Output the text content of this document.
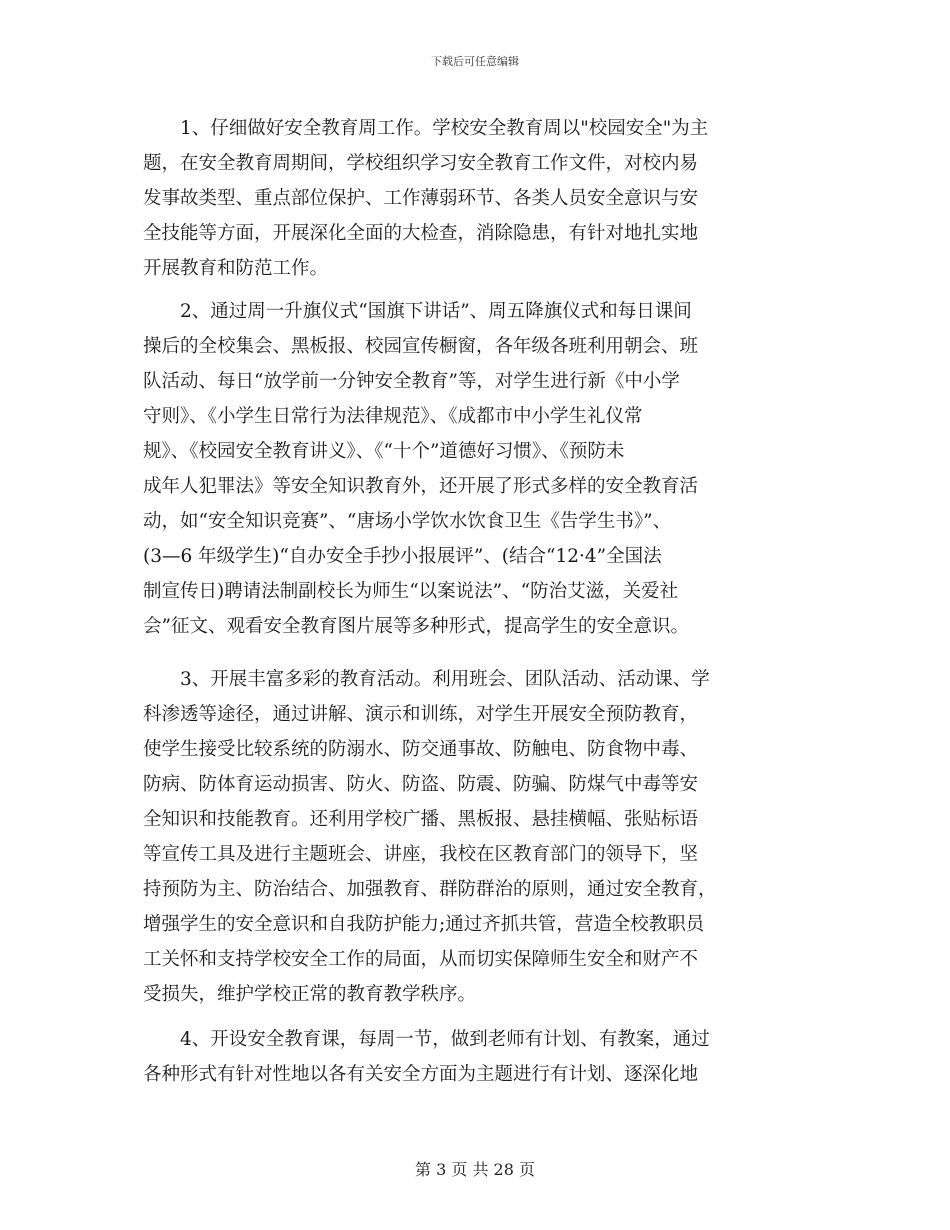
下载后可任意编辑
　　1、仔细做好安全教育周工作。学校安全教育周以"校园安全"为主
题，在安全教育周期间，学校组织学习安全教育工作文件，对校内易
发事故类型、重点部位保护、工作薄弱环节、各类人员安全意识与安
全技能等方面，开展深化全面的大检查，消除隐患，有针对地扎实地
开展教育和防范工作。
　　2、通过周一升旗仪式“国旗下讲话”、周五降旗仪式和每日课间
操后的全校集会、黑板报、校园宣传橱窗，各年级各班利用朝会、班
队活动、每日“放学前一分钟安全教育”等，对学生进行新《中小学
守则》、《小学生日常行为法律规范》、《成都市中小学生礼仪常
规》、《校园安全教育讲义》、《“十个”道德好习惯》、《预防未
成年人犯罪法》等安全知识教育外，还开展了形式多样的安全教育活
动，如“安全知识竞赛”、“唐场小学饮水饮食卫生《告学生书》”、
(3—6 年级学生)“自办安全手抄小报展评”、(结合“12·4”全国法
制宣传日)聘请法制副校长为师生“以案说法”、“防治艾滋，关爱社
会”征文、观看安全教育图片展等多种形式，提高学生的安全意识。
　　3、开展丰富多彩的教育活动。利用班会、团队活动、活动课、学
科渗透等途径，通过讲解、演示和训练，对学生开展安全预防教育，
使学生接受比较系统的防溺水、防交通事故、防触电、防食物中毒、
防病、防体育运动损害、防火、防盗、防震、防骗、防煤气中毒等安
全知识和技能教育。还利用学校广播、黑板报、悬挂横幅、张贴标语
等宣传工具及进行主题班会、讲座，我校在区教育部门的领导下，坚
持预防为主、防治结合、加强教育、群防群治的原则，通过安全教育，
增强学生的安全意识和自我防护能力;通过齐抓共管，营造全校教职员
工关怀和支持学校安全工作的局面，从而切实保障师生安全和财产不
受损失，维护学校正常的教育教学秩序。
　　4、开设安全教育课，每周一节，做到老师有计划、有教案，通过
各种形式有针对性地以各有关安全方面为主题进行有计划、逐深化地
第 3 页 共 28 页
